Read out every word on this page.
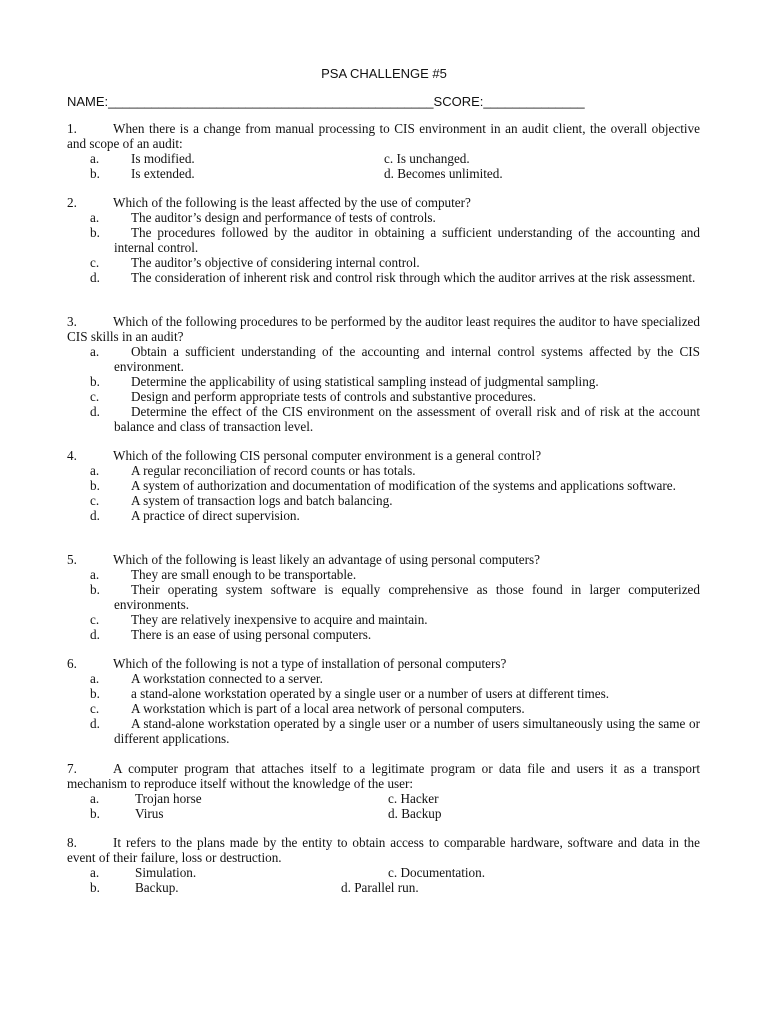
PSA CHALLENGE #5
NAME:_____________________________________________SCORE:______________
1.	When there is a change from manual processing to CIS environment in an audit client, the overall objective and scope of an audit:
a.	Is modified.	c. Is unchanged.
b.	Is extended.	d. Becomes unlimited.
2.	Which of the following is the least affected by the use of computer?
a.	The auditor’s design and performance of tests of controls.
b.	The procedures followed by the auditor in obtaining a sufficient understanding of the accounting and internal control.
c.	The auditor’s objective of considering internal control.
d.	The consideration of inherent risk and control risk through which the auditor arrives at the risk assessment.
3.	Which of the following procedures to be performed by the auditor least requires the auditor to have specialized CIS skills in an audit?
a.	Obtain a sufficient understanding of the accounting and internal control systems affected by the CIS environment.
b.	Determine the applicability of using statistical sampling instead of judgmental sampling.
c.	Design and perform appropriate tests of controls and substantive procedures.
d.	Determine the effect of the CIS environment on the assessment of overall risk and of risk at the account balance and class of transaction level.
4.	Which of the following CIS personal computer environment is a general control?
a.	A regular reconciliation of record counts or has totals.
b.	A system of authorization and documentation of modification of the systems and applications software.
c.	A system of transaction logs and batch balancing.
d.	A practice of direct supervision.
5.	Which of the following is least likely an advantage of using personal computers?
a.	They are small enough to be transportable.
b.	Their operating system software is equally comprehensive as those found in larger computerized environments.
c.	They are relatively inexpensive to acquire and maintain.
d.	There is an ease of using personal computers.
6.	Which of the following is not a type of installation of personal computers?
a.	A workstation connected to a server.
b.	a stand-alone workstation operated by a single user or a number of users at different times.
c.	A workstation which is part of a local area network of personal computers.
d.	A stand-alone workstation operated by a single user or a number of users simultaneously using the same or different applications.
7.	A computer program that attaches itself to a legitimate program or data file and users it as a transport mechanism to reproduce itself without the knowledge of the user:
a.	Trojan horse	c. Hacker
b.	Virus	d. Backup
8.	It refers to the plans made by the entity to obtain access to comparable hardware, software and data in the event of their failure, loss or destruction.
a.	Simulation.	c. Documentation.
b.	Backup.	d. Parallel run.
